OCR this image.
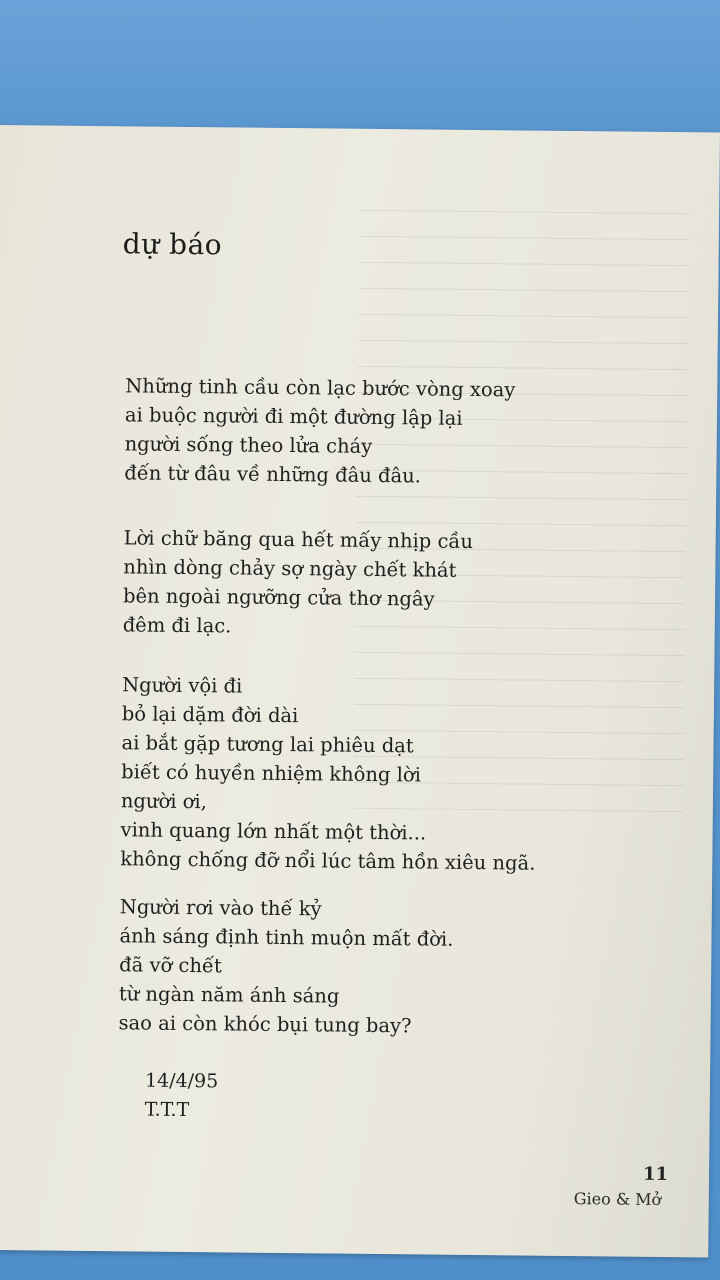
dự báo
Những tinh cầu còn lạc bước vòng xoay
ai buộc người đi một đường lập lại
người sống theo lửa cháy
đến từ đâu về những đâu đâu.
Lời chữ băng qua hết mấy nhịp cầu
nhìn dòng chảy sợ ngày chết khát
bên ngoài ngưỡng cửa thơ ngây
đêm đi lạc.
Người vội đi
bỏ lại dặm đời dài
ai bắt gặp tương lai phiêu dạt
biết có huyền nhiệm không lời
người ơi,
vinh quang lớn nhất một thời...
không chống đỡ nổi lúc tâm hồn xiêu ngã.
Người rơi vào thế kỷ
ánh sáng định tinh muộn mất đời.
đã vỡ chết
từ ngàn năm ánh sáng
sao ai còn khóc bụi tung bay?
14/4/95
T.T.T
11
Gieo & Mở
